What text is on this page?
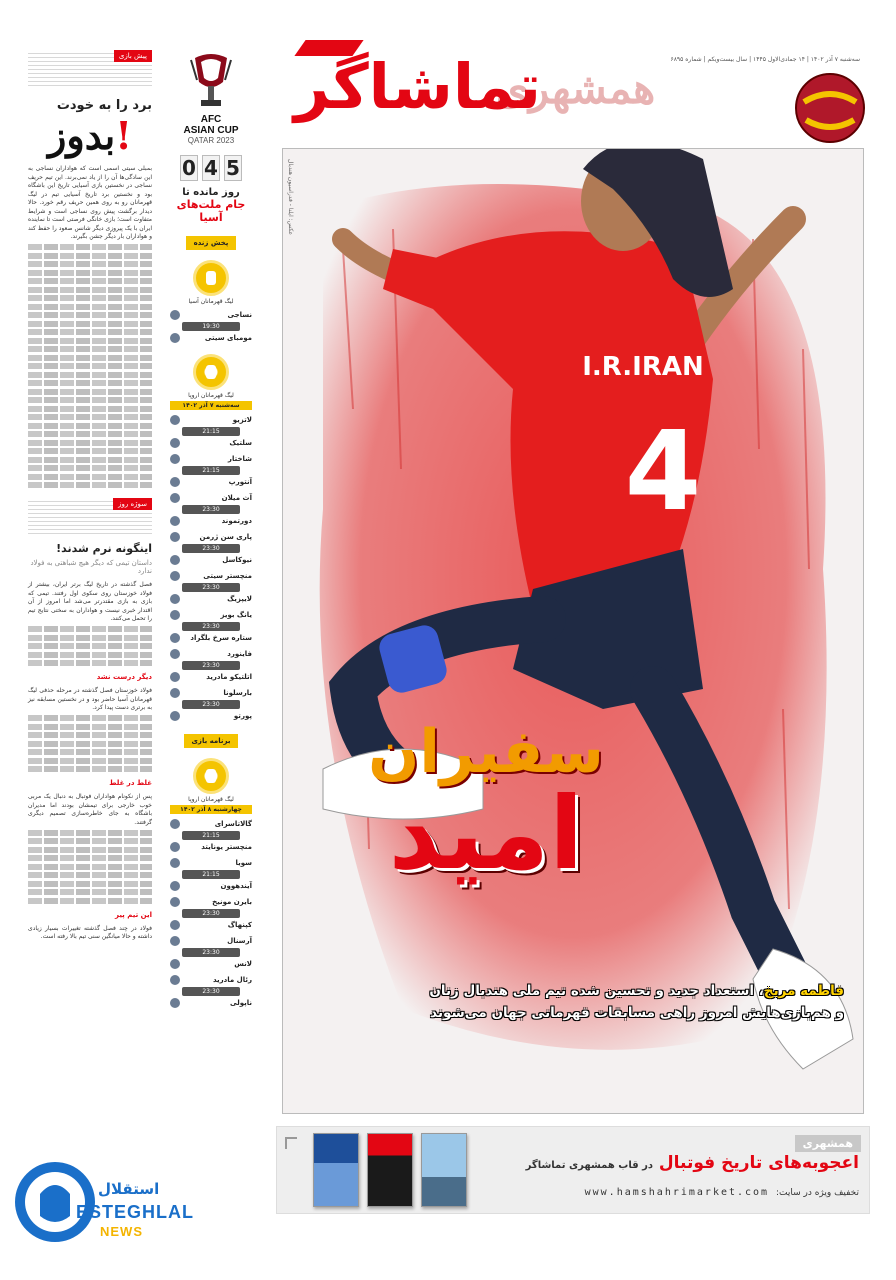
پیش بازی
برد را به خودت
!بدوز
بمبلی سیتی اسمی است که هواداران نساجی به این سادگی‌ها آن را از یاد نمی‌برند. این تیم حریف نساجی در نخستین بازی آسیایی تاریخ این باشگاه بود و نخستین برد تاریخ آسیایی تیم در لیگ قهرمانان رو به روی همین حریف رقم خورد. حالا دیدار برگشت پیش روی نساجی است و شرایط متفاوت است؛ بازی خانگی فرصتی است تا نماینده ایران با یک پیروزی دیگر شانس صعود را حفظ کند و هواداران بار دیگر جشن بگیرند.
سوژه روز
اینگونه نرم شدند!
داستان تیمی که دیگر هیچ شباهتی به فولاد ندارد
فصل گذشته در تاریخ لیگ برتر ایران، بیشتر از فولاد خوزستان روی سکوی اول رفتند. تیمی که بازی به بازی مقتدرتر می‌شد اما امروز از آن اقتدار خبری نیست و هواداران به سختی نتایج تیم را تحمل می‌کنند.
دیگر درست نشد
فولاد خوزستان فصل گذشته در مرحله حذفی لیگ قهرمانان آسیا حاضر بود و در نخستین مسابقه نیز به برتری دست پیدا کرد.
غلط در غلط
پس از نکونام هواداران فوتبال به دنبال یک مربی خوب خارجی برای تیمشان بودند اما مدیران باشگاه به جای خاطره‌سازی تصمیم دیگری گرفتند.
این تیم پیر
فولاد در چند فصل گذشته تغییرات بسیار زیادی داشته و حالا میانگین سنی تیم بالا رفته است.
AFC
ASIAN CUP
QATAR 2023
0 4 5
روز مانده تا
جام ملت‌های
آسیا
پخش زنده
لیگ قهرمانان آسیا
نساجی
19:30
مومبای سیتی
لیگ قهرمانان اروپا
سه‌شنبه ۷ آذر ۱۴۰۲
لاتزیو
21:15
سلتیک
شاختار
21:15
آنتورپ
آث میلان
23:30
دورتموند
پاری سن ژرمن
23:30
نیوکاسل
منچستر سیتی
23:30
لایپزیگ
یانگ بویز
23:30
ستاره سرخ بلگراد
فاینورد
23:30
اتلتیکو مادرید
بارسلونا
23:30
پورتو
برنامه بازی
لیگ قهرمانان اروپا
چهارشنبه ۸ آذر ۱۴۰۲
گالاتاسرای
21:15
منچستر یونایتد
سویا
21:15
آیندهوون
بایرن مونیخ
23:30
کپنهاگ
آرسنال
23:30
لانس
رئال مادرید
23:30
ناپولی
سه‌شنبه ۷ آذر ۱۴۰۲ | ۱۴ جمادی‌الاول ۱۴۴۵ | سال بیست‌ویکم | شماره ۶۸۹۵
همشهری
تماشاگر
I.R.IRAN
4
عکس: ایلنا - فدراسیون هندبال
سفیران
امید
فاطمه مریخ، استعداد جدید و تحسین شده تیم ملی هندبال زنان
و هم‌بازی‌هایش امروز راهی مسابقات قهرمانی جهان می‌شوند
همشهری
اعجوبه‌های تاریخ فوتبال در قاب همشهری تماشاگر
تخفیف ویژه در سایت: www.hamshahrimarket.com
استقلال
ESTEGHLAL
NEWS
